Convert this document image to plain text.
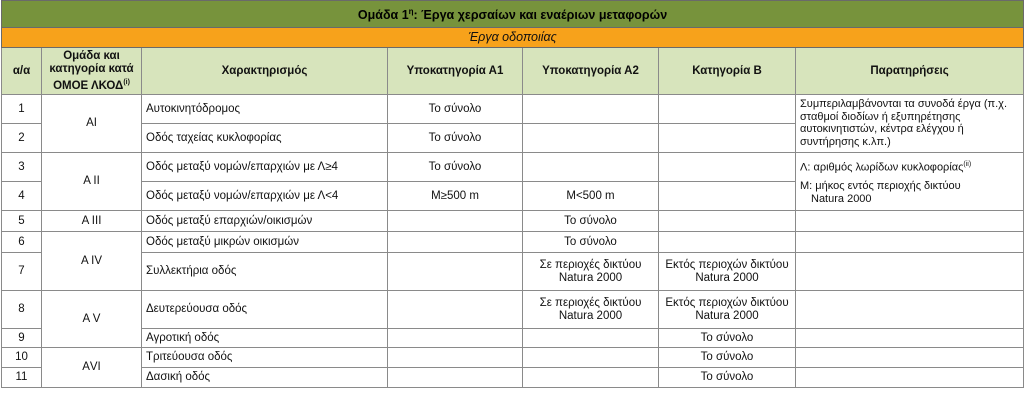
Ομάδα $1^\eta$: Έργα χερσαίων και εναέριων μεταφορών						
Έργα οδοποιίας						
α/α	Ομάδα και κατηγορία κατά ΟΜΟΕ ΛΚΟΔ$^{(i)}$	Χαρακτηρισμός	Υποκατηγορία Α1	Υποκατηγορία Α2	Κατηγορία Β	Παρατηρήσεις
1	ΑΙ	Αυτοκινητόδρομος	Το σύνολο			Συμπεριλαμβάνονται τα συνοδά έργα (π.χ. σταθμοί διοδίων ή εξυπηρέτησης αυτοκινητιστών, κέντρα ελέγχου ή συντήρησης κ.λπ.)
2		Οδός ταχείας κυκλοφορίας	Το σύνολο			
3	Α ΙΙ	Οδός μεταξύ νομών/επαρχιών με Λ≥4	Το σύνολο			Λ: αριθμός λωρίδων κυκλοφορίας$^{(ii)}$
Μ: μήκος εντός περιοχής δικτύου
Natura 2000

4		Οδός μεταξύ νομών/επαρχιών με Λ<4	Μ≥500 m	Μ<500 m		
5	Α ΙΙΙ	Οδός μεταξύ επαρχιών/οικισμών		Το σύνολο		
6	Α ΙV	Οδός μεταξύ μικρών οικισμών		Το σύνολο		
7		Συλλεκτήρια οδός		Σε περιοχές δικτύου Natura 2000	Εκτός περιοχών δικτύου Natura 2000	
8	Α V	Δευτερεύουσα οδός		Σε περιοχές δικτύου Natura 2000	Εκτός περιοχών δικτύου Natura 2000	
9		Αγροτική οδός			Το σύνολο	
10	ΑVI	Τριτεύουσα οδός			Το σύνολο	
11		Δασική οδός			Το σύνολο	
